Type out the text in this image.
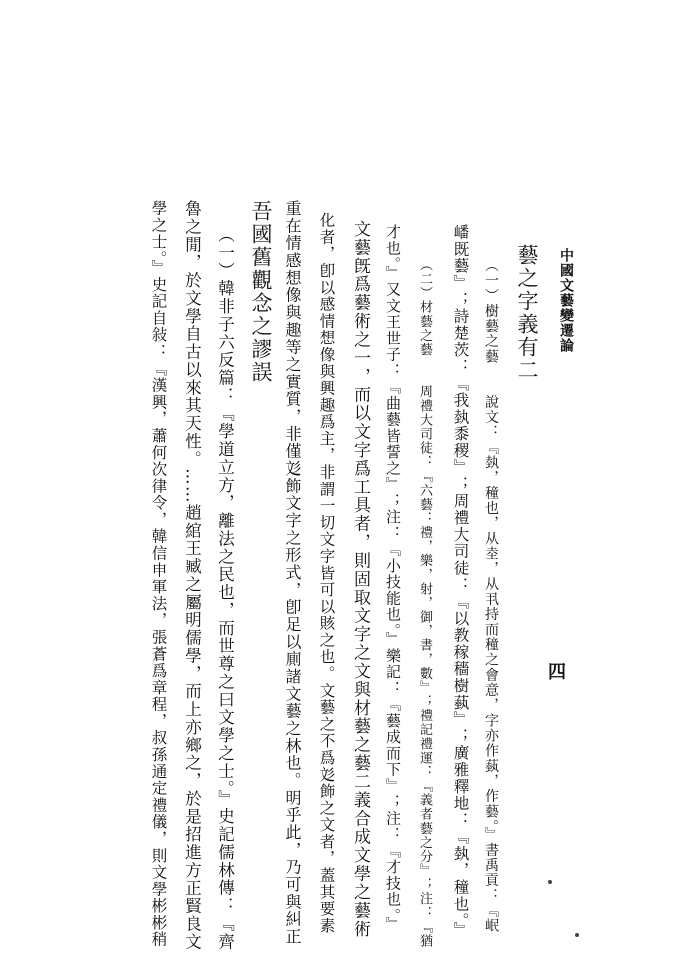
中國文藝變遷論
四
藝之字義有二
（一）樹藝之藝　　說文：『埶，穜也，从坴，从丮持而穜之會意，字亦作蓺，作藝。』書禹貢：『岷
嶓既藝』；詩楚茨：『我埶黍稷』；周禮大司徒：『以教稼穡樹蓺』；廣雅釋地：『埶，穜也。』
（二）材藝之藝　　周禮大司徒：『六藝：禮，樂，射，御，書，數』；禮記禮運：『義者藝之分』；注：『猶
才也。』又文王世子：『曲藝皆誓之』；注：『小技能也。』樂記：『藝成而下』；注：『才技也。』
文藝旣爲藝術之一，而以文字爲工具者，則固取文字之文與材藝之藝二義合成文學之藝術
化者，卽以感情想像與興趣爲主，非謂一切文字皆可以賅之也。文藝之不爲彣飾之文者，蓋其要素
重在情感想像與趣等之實質，非僅彣飾文字之形式，卽足以廁諸文藝之林也。明乎此，乃可與糾正
吾國舊觀念之謬誤
（一）韓非子六反篇：『學道立方，離法之民也，而世尊之曰文學之士。』史記儒林傳：『齊
魯之閒，於文學自古以來其天性。……趙綰王臧之屬明儒學，而上亦鄉之，於是招進方正賢良文
學之士。』史記自敍：『漢興，蕭何次律令，韓信申軍法，張蒼爲章程，叔孫通定禮儀，則文學彬彬稍
